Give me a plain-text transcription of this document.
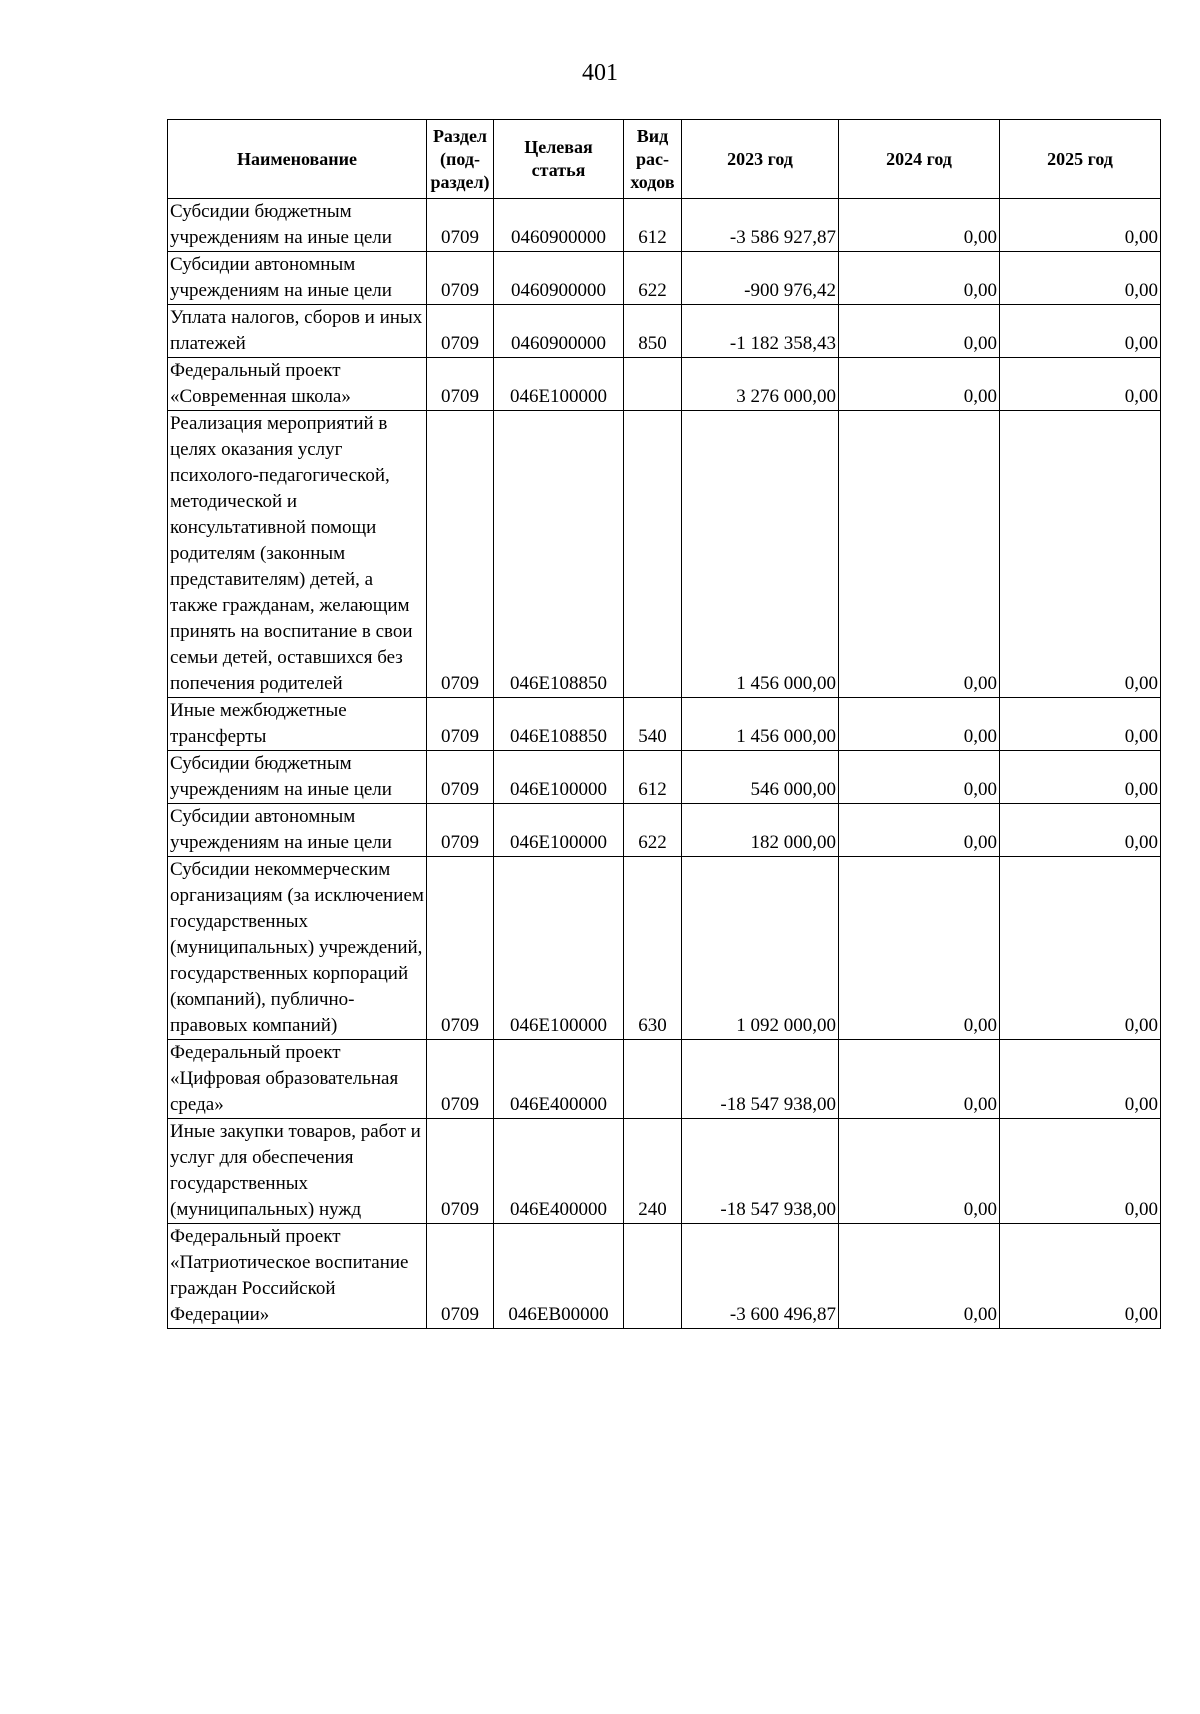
401
Наименование	Раздел (под-раздел)	Целевая статья	Вид рас-ходов	2023 год	2024 год	2025 год
Субсидии бюджетным учреждениям на иные цели	0709	0460900000	612	-3 586 927,87	0,00	0,00
Субсидии автономным учреждениям на иные цели	0709	0460900000	622	-900 976,42	0,00	0,00
Уплата налогов, сборов и иных платежей	0709	0460900000	850	-1 182 358,43	0,00	0,00
Федеральный проект «Современная школа»	0709	046Е100000		3 276 000,00	0,00	0,00
Реализация мероприятий в целях оказания услуг психолого-педагогической, методической и консультативной помощи родителям (законным представителям) детей, а также гражданам, желающим принять на воспитание в свои семьи детей, оставшихся без попечения родителей	0709	046Е108850		1 456 000,00	0,00	0,00
Иные межбюджетные трансферты	0709	046Е108850	540	1 456 000,00	0,00	0,00
Субсидии бюджетным учреждениям на иные цели	0709	046Е100000	612	546 000,00	0,00	0,00
Субсидии автономным учреждениям на иные цели	0709	046Е100000	622	182 000,00	0,00	0,00
Субсидии некоммерческим организациям (за исключением государственных (муниципальных) учреждений, государственных корпораций (компаний), публично-правовых компаний)	0709	046Е100000	630	1 092 000,00	0,00	0,00
Федеральный проект «Цифровая образовательная среда»	0709	046Е400000		-18 547 938,00	0,00	0,00
Иные закупки товаров, работ и услуг для обеспечения государственных (муниципальных) нужд	0709	046Е400000	240	-18 547 938,00	0,00	0,00
Федеральный проект «Патриотическое воспитание граждан Российской Федерации»	0709	046ЕВ00000		-3 600 496,87	0,00	0,00
